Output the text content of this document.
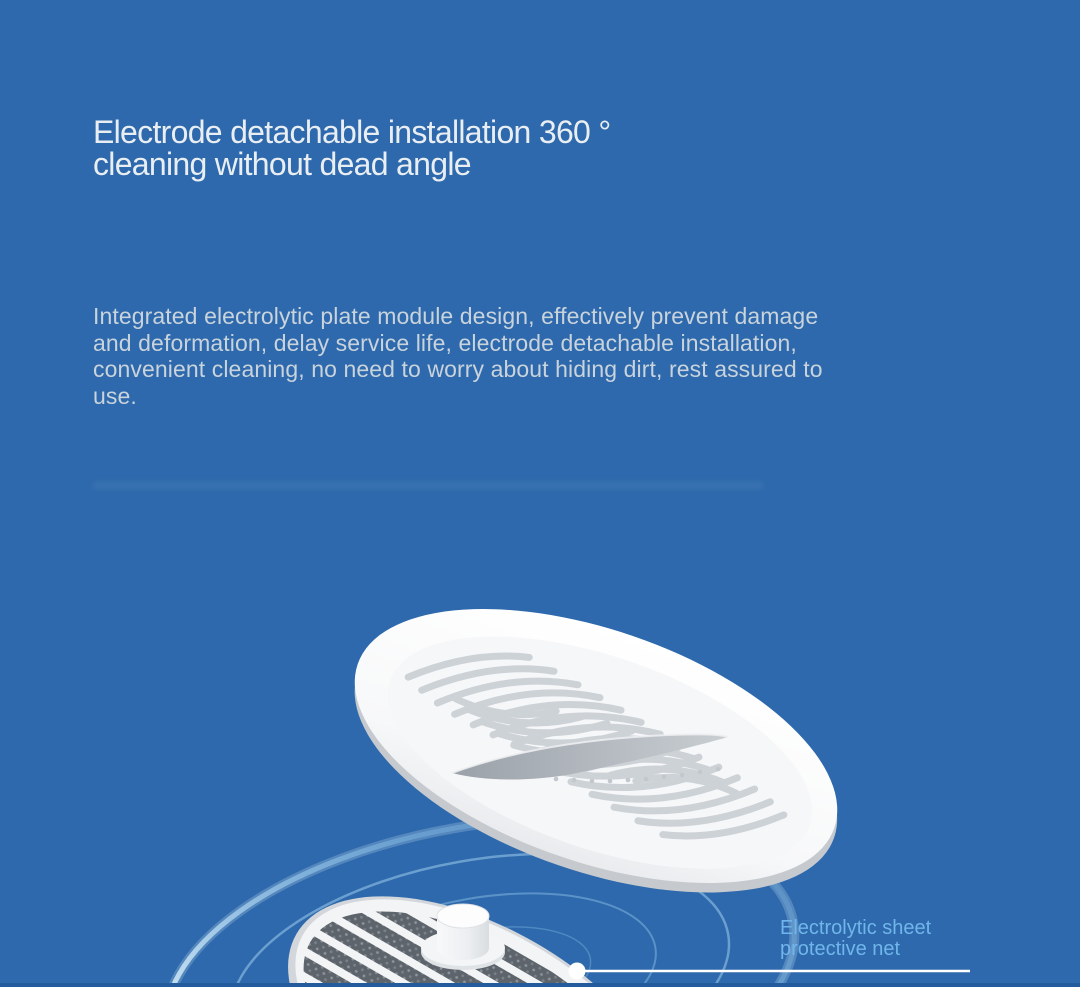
Electrode detachable installation 360 °
cleaning without dead angle
Integrated electrolytic plate module design, effectively prevent damage
and deformation, delay service life, electrode detachable installation,
convenient cleaning, no need to worry about hiding dirt, rest assured to
use.
Electrolytic sheet
protective net
